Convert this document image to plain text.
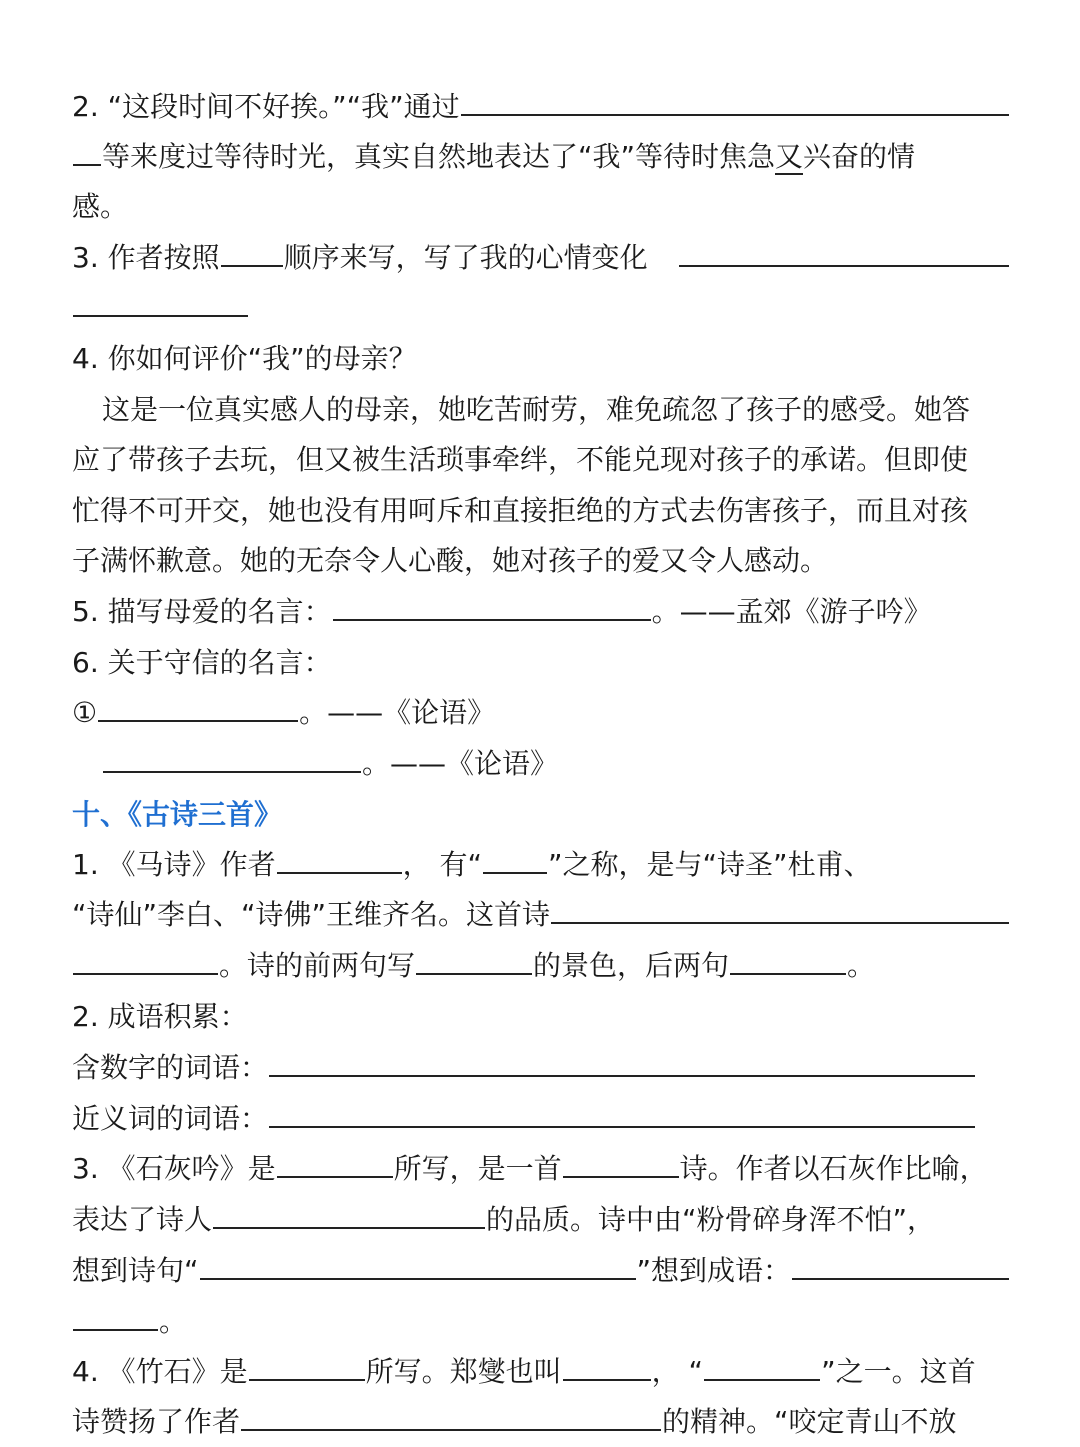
2. “这段时间不好挨。”“我”通过
等来度过等待时光，真实自然地表达了“我”等待时焦急又兴奋的情
感。
3. 作者按照 顺序来写，写了我的心情变化
4. 你如何评价“我”的母亲？
这是一位真实感人的母亲，她吃苦耐劳，难免疏忽了孩子的感受。她答
应了带孩子去玩，但又被生活琐事牵绊，不能兑现对孩子的承诺。但即使
忙得不可开交，她也没有用呵斥和直接拒绝的方式去伤害孩子，而且对孩
子满怀歉意。她的无奈令人心酸，她对孩子的爱又令人感动。
5. 描写母爱的名言：	。——孟郊《游子吟》
6. 关于守信的名言：
①	。——《论语》
。——《论语》
十、《古诗三首》
1. 《马诗》作者	， 有“ ”之称，是与“诗圣”杜甫、
“诗仙”李白、“诗佛”王维齐名。这首诗
。诗的前两句写	的景色，后两句	。
2. 成语积累：
含数字的词语：
近义词的词语：
3. 《石灰吟》是	所写，是一首	诗。作者以石灰作比喻，
表达了诗人	的品质。诗中由“粉骨碎身浑不怕”，
想到诗句“	”想到成语：
。
4. 《竹石》是	所写。郑燮也叫	， “	”之一。这首
诗赞扬了作者	的精神。“咬定青山不放
